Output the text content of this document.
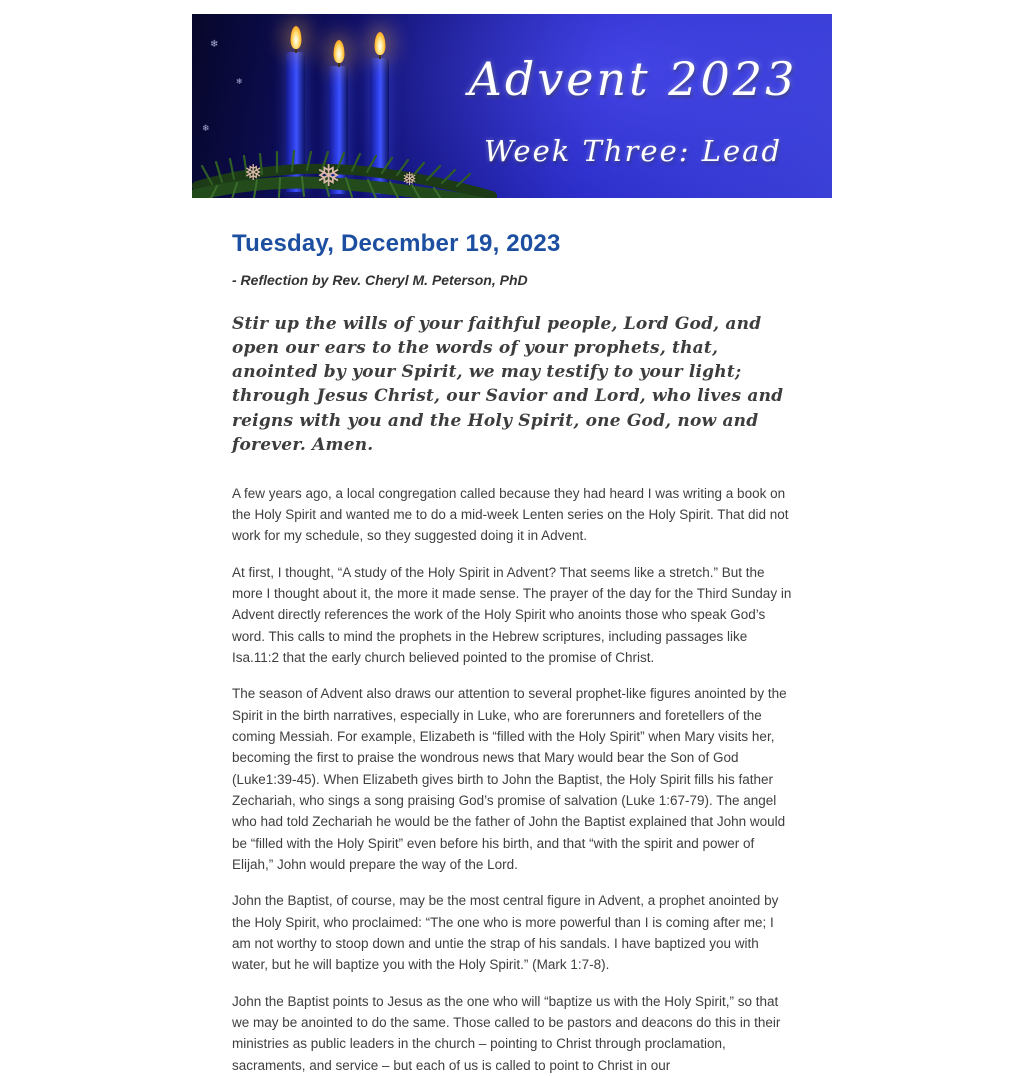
❅
❅	❅
❄
❄
❄
Advent 2023
Week Three: Lead
Tuesday, December 19, 2023

- Reflection by Rev. Cheryl M. Peterson, PhD

Stir up the wills of your faithful people, Lord God, and open our ears to the words of your prophets, that, anointed by your Spirit, we may testify to your light; through Jesus Christ, our Savior and Lord, who lives and reigns with you and the Holy Spirit, one God, now and forever. Amen.

A few years ago, a local congregation called because they had heard I was writing a book on the Holy Spirit and wanted me to do a mid-week Lenten series on the Holy Spirit. That did not work for my schedule, so they suggested doing it in Advent.

At first, I thought, “A study of the Holy Spirit in Advent? That seems like a stretch.” But the more I thought about it, the more it made sense. The prayer of the day for the Third Sunday in Advent directly references the work of the Holy Spirit who anoints those who speak God’s word. This calls to mind the prophets in the Hebrew scriptures, including passages like Isa.11:2 that the early church believed pointed to the promise of Christ.

The season of Advent also draws our attention to several prophet-like figures anointed by the Spirit in the birth narratives, especially in Luke, who are forerunners and foretellers of the coming Messiah. For example, Elizabeth is “filled with the Holy Spirit” when Mary visits her, becoming the first to praise the wondrous news that Mary would bear the Son of God (Luke1:39-45). When Elizabeth gives birth to John the Baptist, the Holy Spirit fills his father Zechariah, who sings a song praising God’s promise of salvation (Luke 1:67-79). The angel who had told Zechariah he would be the father of John the Baptist explained that John would be “filled with the Holy Spirit” even before his birth, and that “with the spirit and power of Elijah,” John would prepare the way of the Lord.

John the Baptist, of course, may be the most central figure in Advent, a prophet anointed by the Holy Spirit, who proclaimed: “The one who is more powerful than I is coming after me; I am not worthy to stoop down and untie the strap of his sandals. I have baptized you with water, but he will baptize you with the Holy Spirit.” (Mark 1:7-8).

John the Baptist points to Jesus as the one who will “baptize us with the Holy Spirit,” so that we may be anointed to do the same. Those called to be pastors and deacons do this in their ministries as public leaders in the church – pointing to Christ through proclamation, sacraments, and service – but each of us is called to point to Christ in our
